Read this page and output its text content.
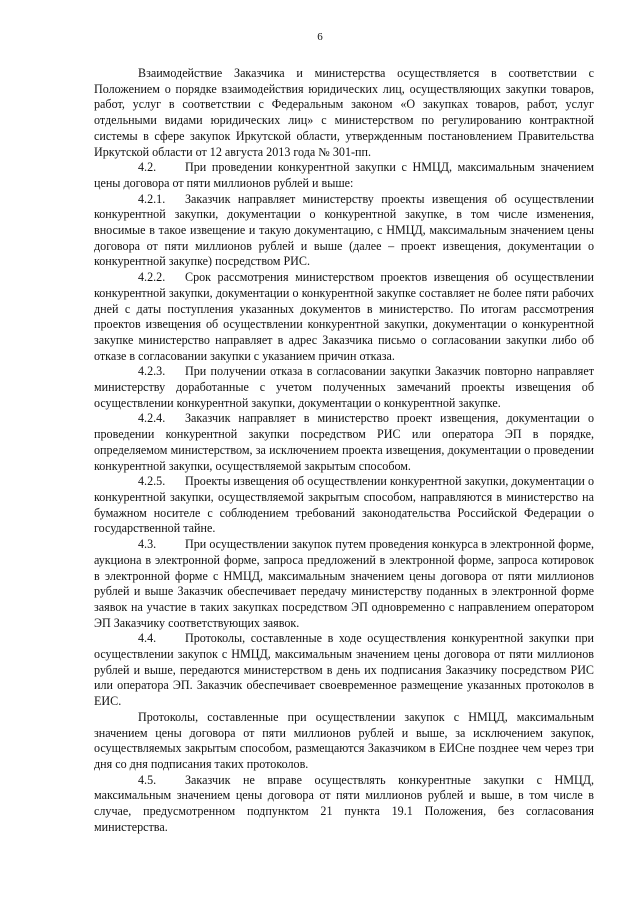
6

Взаимодействие Заказчика и министерства осуществляется в соответствии с Положением о порядке взаимодействия юридических лиц, осуществляющих закупки товаров, работ, услуг в соответствии с Федеральным законом «О закупках товаров, работ, услуг отдельными видами юридических лиц» с министерством по регулированию контрактной системы в сфере закупок Иркутской области, утвержденным постановлением Правительства Иркутской области от 12 августа 2013 года № 301-пп.

4.2. При проведении конкурентной закупки с НМЦД, максимальным значением цены договора от пяти миллионов рублей и выше:

4.2.1. Заказчик направляет министерству проекты извещения об осуществлении конкурентной закупки, документации о конкурентной закупке, в том числе изменения, вносимые в такое извещение и такую документацию, с НМЦД, максимальным значением цены договора от пяти миллионов рублей и выше (далее – проект извещения, документации о конкурентной закупке) посредством РИС.

4.2.2. Срок рассмотрения министерством проектов извещения об осуществлении конкурентной закупки, документации о конкурентной закупке составляет не более пяти рабочих дней с даты поступления указанных документов в министерство. По итогам рассмотрения проектов извещения об осуществлении конкурентной закупки, документации о конкурентной закупке министерство направляет в адрес Заказчика письмо о согласовании закупки либо об отказе в согласовании закупки с указанием причин отказа.

4.2.3. При получении отказа в согласовании закупки Заказчик повторно направляет министерству доработанные с учетом полученных замечаний проекты извещения об осуществлении конкурентной закупки, документации о конкурентной закупке.

4.2.4. Заказчик направляет в министерство проект извещения, документации о проведении конкурентной закупки посредством РИС или оператора ЭП в порядке, определяемом министерством, за исключением проекта извещения, документации о проведении конкурентной закупки, осуществляемой закрытым способом.

4.2.5. Проекты извещения об осуществлении конкурентной закупки, документации о конкурентной закупки, осуществляемой закрытым способом, направляются в министерство на бумажном носителе с соблюдением требований законодательства Российской Федерации о государственной тайне.

4.3. При осуществлении закупок путем проведения конкурса в электронной форме, аукциона в электронной форме, запроса предложений в электронной форме, запроса котировок в электронной форме с НМЦД, максимальным значением цены договора от пяти миллионов рублей и выше Заказчик обеспечивает передачу министерству поданных в электронной форме заявок на участие в таких закупках посредством ЭП одновременно с направлением оператором ЭП Заказчику соответствующих заявок.

4.4. Протоколы, составленные в ходе осуществления конкурентной закупки при осуществлении закупок с НМЦД, максимальным значением цены договора от пяти миллионов рублей и выше, передаются министерством в день их подписания Заказчику посредством РИС или оператора ЭП. Заказчик обеспечивает своевременное размещение указанных протоколов в ЕИС.

Протоколы, составленные при осуществлении закупок с НМЦД, максимальным значением цены договора от пяти миллионов рублей и выше, за исключением закупок, осуществляемых закрытым способом, размещаются Заказчиком в ЕИСне позднее чем через три дня со дня подписания таких протоколов.

4.5. Заказчик не вправе осуществлять конкурентные закупки с НМЦД, максимальным значением цены договора от пяти миллионов рублей и выше, в том числе в случае, предусмотренном подпунктом 21 пункта 19.1 Положения, без согласования министерства.
